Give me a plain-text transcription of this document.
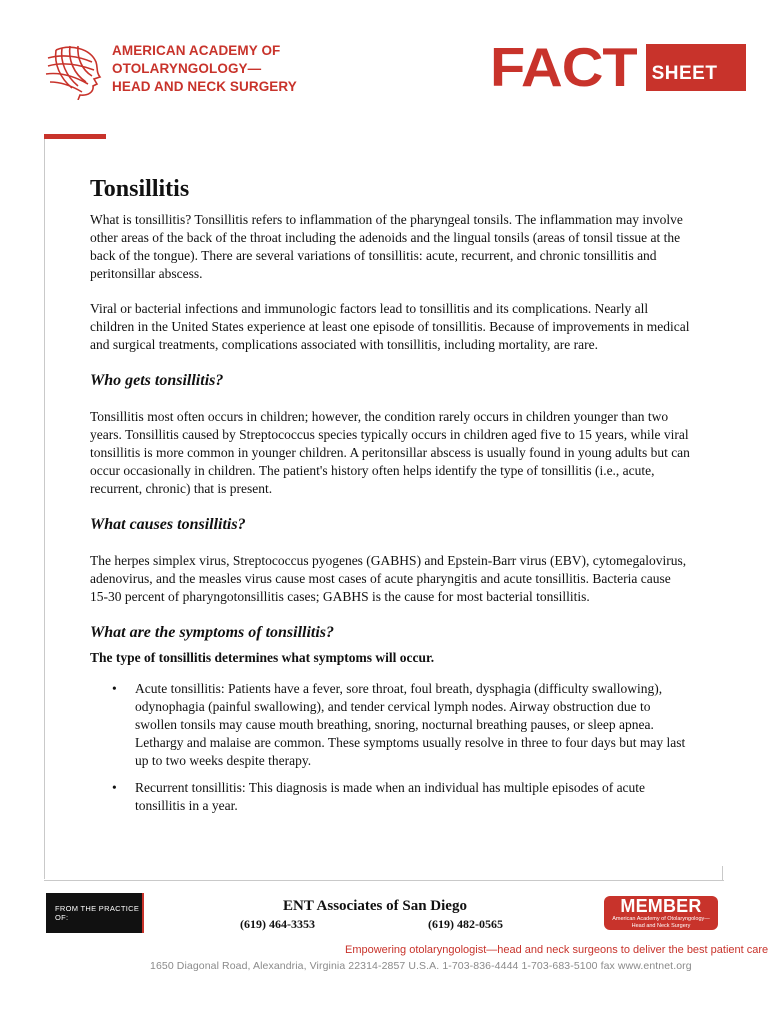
AMERICAN ACADEMY OF
OTOLARYNGOLOGY—
HEAD AND NECK SURGERY	FACT SHEET
Tonsillitis

What is tonsillitis? Tonsillitis refers to inflammation of the pharyngeal tonsils. The inflammation may involve other areas of the back of the throat including the adenoids and the lingual tonsils (areas of tonsil tissue at the back of the tongue). There are several variations of tonsillitis: acute, recurrent, and chronic tonsillitis and peritonsillar abscess.

Viral or bacterial infections and immunologic factors lead to tonsillitis and its complications. Nearly all children in the United States experience at least one episode of tonsillitis. Because of improvements in medical and surgical treatments, complications associated with tonsillitis, including mortality, are rare.

Who gets tonsillitis?

Tonsillitis most often occurs in children; however, the condition rarely occurs in children younger than two years. Tonsillitis caused by Streptococcus species typically occurs in children aged five to 15 years, while viral tonsillitis is more common in younger children. A peritonsillar abscess is usually found in young adults but can occur occasionally in children. The patient's history often helps identify the type of tonsillitis (i.e., acute, recurrent, chronic) that is present.

What causes tonsillitis?

The herpes simplex virus, Streptococcus pyogenes (GABHS) and Epstein-Barr virus (EBV), cytomegalovirus, adenovirus, and the measles virus cause most cases of acute pharyngitis and acute tonsillitis. Bacteria cause 15-30 percent of pharyngotonsillitis cases; GABHS is the cause for most bacterial tonsillitis.

What are the symptoms of tonsillitis?

The type of tonsillitis determines what symptoms will occur.

• Acute tonsillitis: Patients have a fever, sore throat, foul breath, dysphagia (difficulty swallowing), odynophagia (painful swallowing), and tender cervical lymph nodes. Airway obstruction due to swollen tonsils may cause mouth breathing, snoring, nocturnal breathing pauses, or sleep apnea. Lethargy and malaise are common. These symptoms usually resolve in three to four days but may last up to two weeks despite therapy.
• Recurrent tonsillitis: This diagnosis is made when an individual has multiple episodes of acute tonsillitis in a year.
FROM THE PRACTICE OF:
ENT Associates of San Diego
(619) 464-3353	(619) 482-0565
MEMBER
American Academy of Otolaryngology— Head and Neck Surgery
Empowering otolaryngologist—head and neck surgeons to deliver the best patient care
1650 Diagonal Road, Alexandria, Virginia 22314-2857 U.S.A. 1-703-836-4444 1-703-683-5100 fax www.entnet.org
